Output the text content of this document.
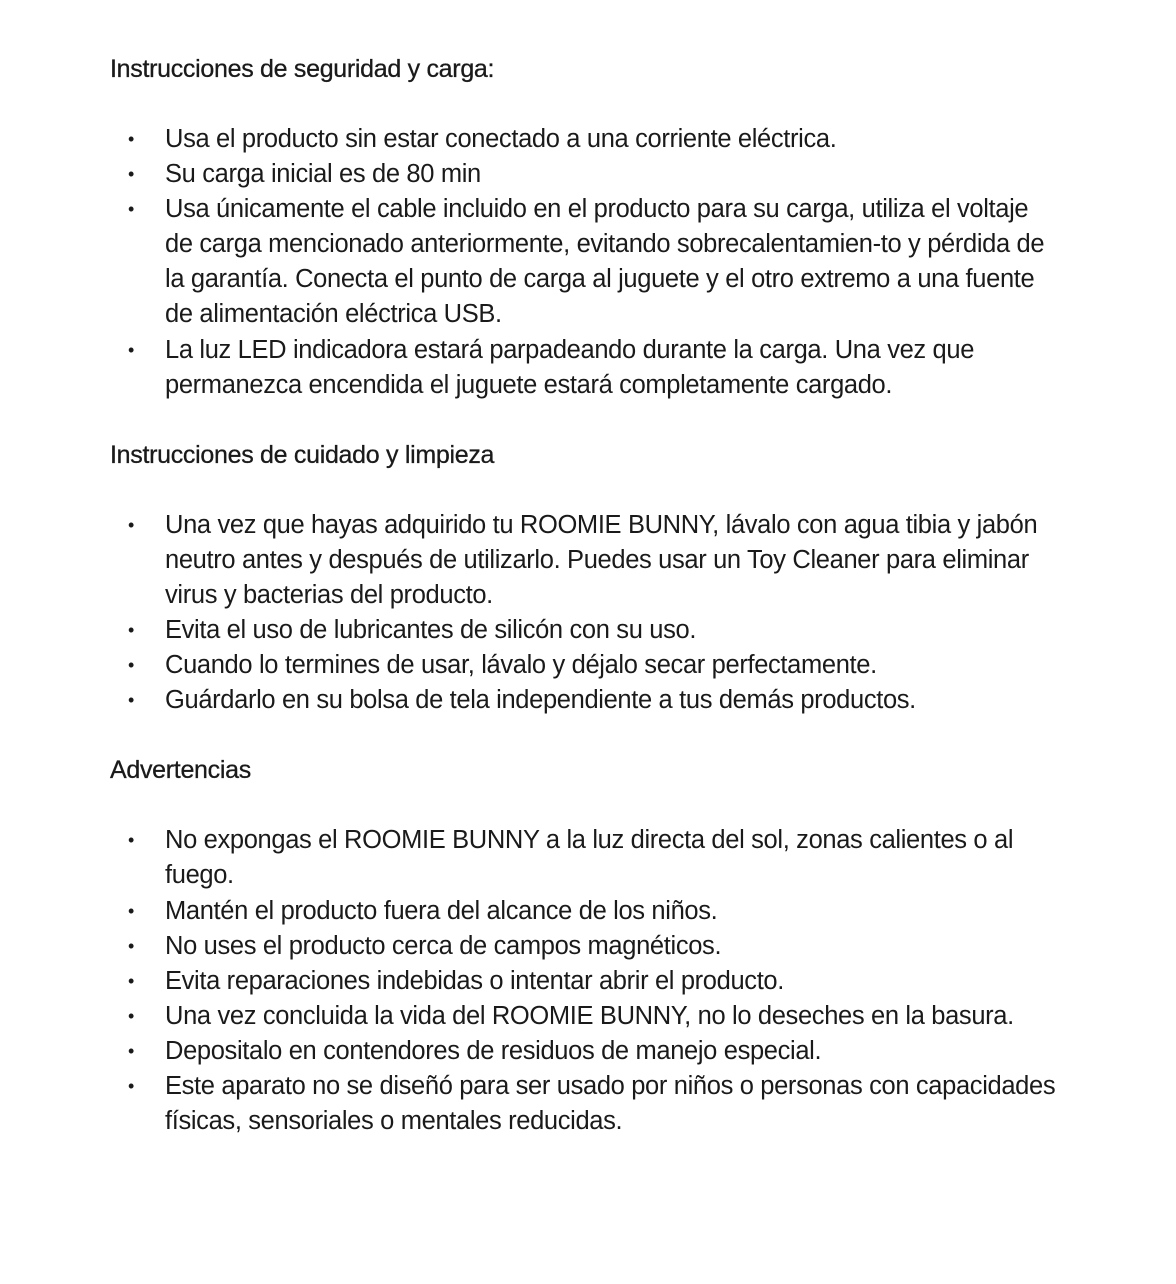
Instrucciones de seguridad y carga:
• Usa el producto sin estar conectado a una corriente eléctrica.
• Su carga inicial es de 80 min
• Usa únicamente el cable incluido en el producto para su carga, utiliza el voltaje de carga mencionado anteriormente, evitando sobrecalentamien-to y pérdida de la garantía. Conecta el punto de carga al juguete y el otro extremo a una fuente de alimentación eléctrica USB.
• La luz LED indicadora estará parpadeando durante la carga. Una vez que permanezca encendida el juguete estará completamente cargado.
Instrucciones de cuidado y limpieza
• Una vez que hayas adquirido tu ROOMIE BUNNY, lávalo con agua tibia y jabón neutro antes y después de utilizarlo. Puedes usar un Toy Cleaner para eliminar virus y bacterias del producto.
• Evita el uso de lubricantes de silicón con su uso.
• Cuando lo termines de usar, lávalo y déjalo secar perfectamente.
• Guárdarlo en su bolsa de tela independiente a tus demás productos.
Advertencias
• No expongas el ROOMIE BUNNY a la luz directa del sol, zonas calientes o al fuego.
• Mantén el producto fuera del alcance de los niños.
• No uses el producto cerca de campos magnéticos.
• Evita reparaciones indebidas o intentar abrir el producto.
• Una vez concluida la vida del ROOMIE BUNNY, no lo deseches en la basura.
• Depositalo en contendores de residuos de manejo especial.
• Este aparato no se diseñó para ser usado por niños o personas con capacidades físicas, sensoriales o mentales reducidas.
